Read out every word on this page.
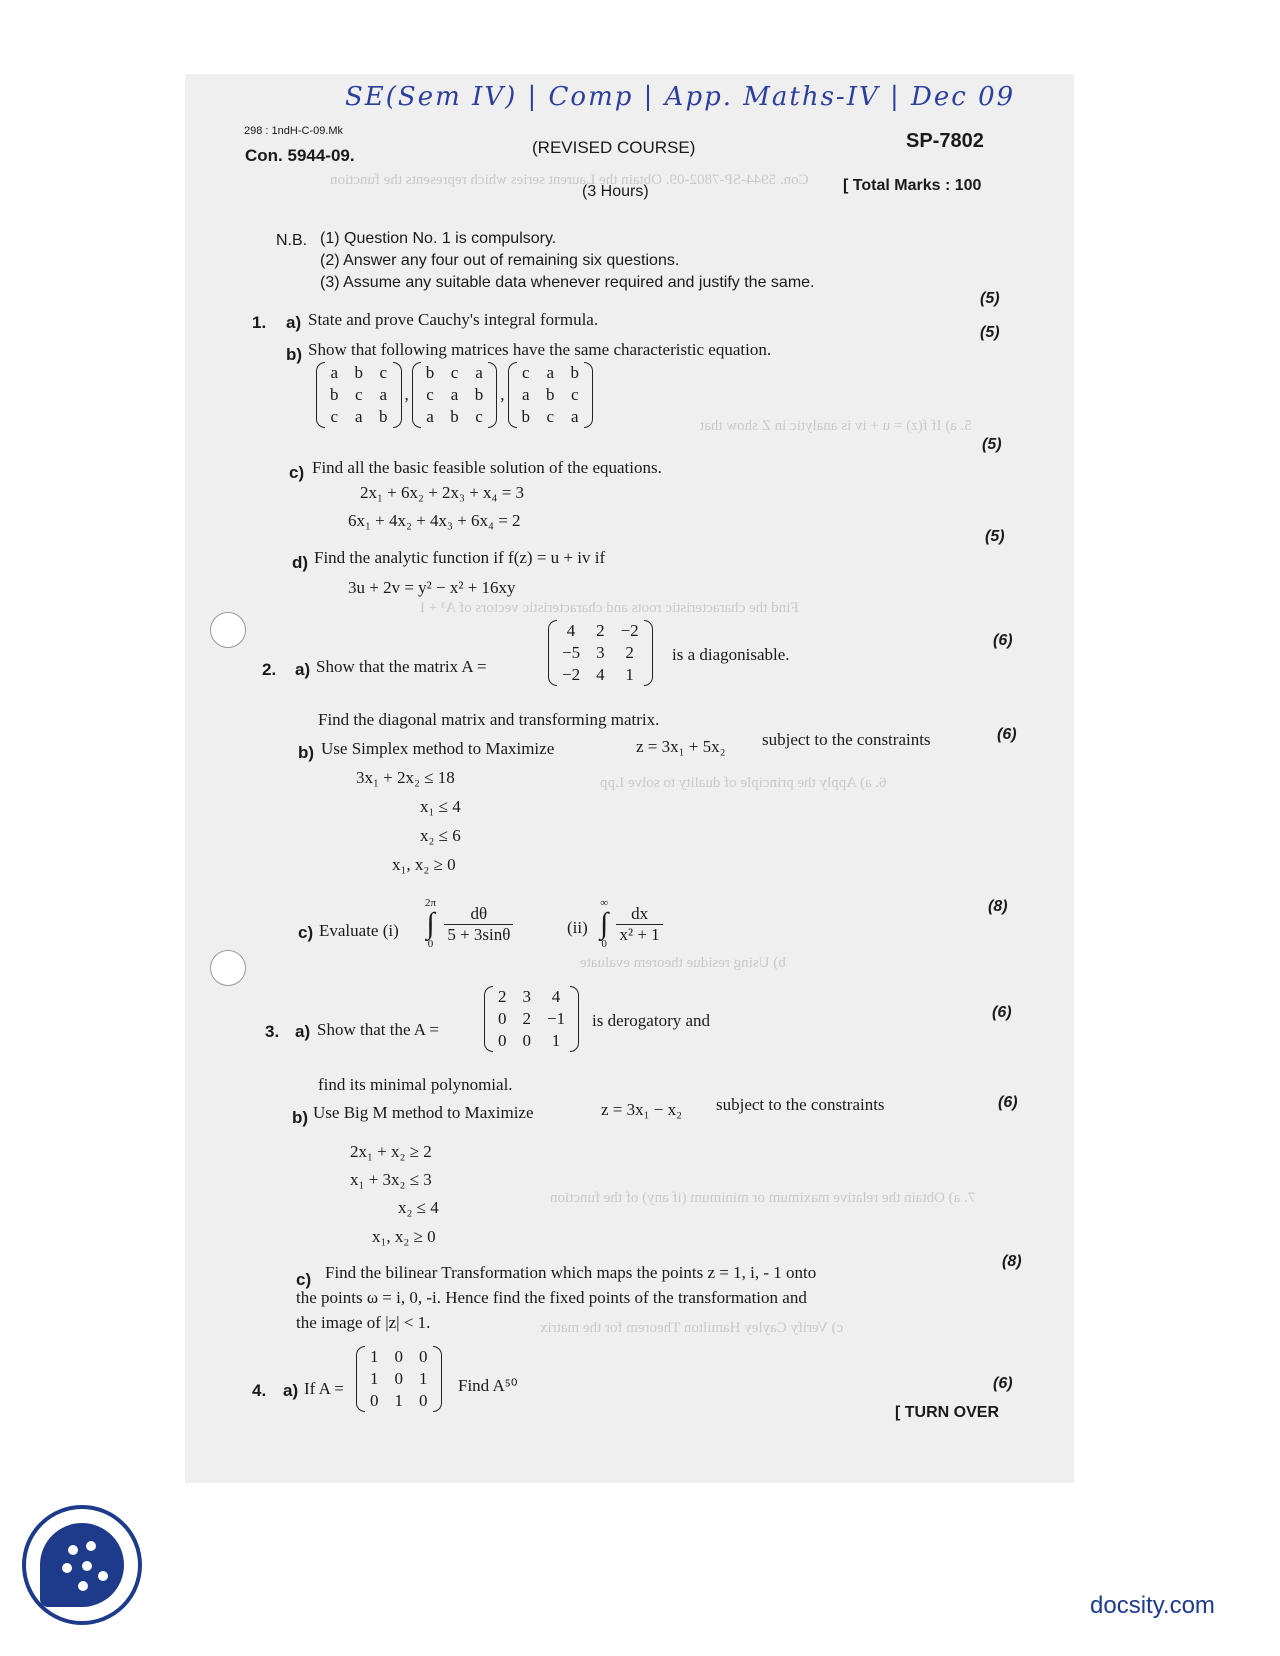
Con. 5944-SP-7802-09. Obtain the Laurent series which represents the function
5. a) If f(z) = u + iv is analytic in Z show that
Find the characteristic roots and characteristic vectors of A³ + I
6. a) Apply the principle of duality to solve Lpp
b) Using residue theorem evaluate
7. a) Obtain the relative maximum or minimum (if any) of the function
c) Verify Cayley Hamilton Theorem for the matrix
SE(Sem IV) | Comp | App. Maths-IV | Dec 09
298 : 1ndH-C-09.Mk	SP-7802
Con. 5944-09.	(REVISED COURSE)
(3 Hours)	[ Total Marks : 100
N.B. (1) Question No. 1 is compulsory.
(2) Answer any four out of remaining six questions.
(3) Assume any suitable data whenever required and justify the same.
1. a) State and prove Cauchy's integral formula.
(5)
b) Show that following matrices have the same characteristic equation.
(5)
a	b	c
b	c	a
c	a	b
,
b	c	a
c	a	b
a	b	c
,
c	a	b
a	b	c
b	c	a
c) Find all the basic feasible solution of the equations.
(5)
2x₁ + 6x₂ + 2x₃ + x₄ = 3
6x₁ + 4x₂ + 4x₃ + 6x₄ = 2
d) Find the analytic function if f(z) = u + iv if
(5)
3u + 2v = y² − x² + 16xy
2. a) Show that the matrix A =
4	2	−2
−5	3	2
−2	4	1
is a diagonisable.
(6)
Find the diagonal matrix and transforming matrix.
b) Use Simplex method to Maximize	z = 3x₁ + 5x₂ subject to the constraints	(6)
3x₁ + 2x₂ ≤ 18
x₁ ≤ 4
x₂ ≤ 6
x₁, x₂ ≥ 0
c) Evaluate (i)
2π
∫
$0 \frac{d\theta}{5 + 3\sin\theta}$	(ii)
∞
∫
$0 \frac{dx}{\text{x² + 1}}$	(8)
3. a) Show that the A =
2	3	4
0	2	−1
0	0	1
is derogatory and	(6)
find its minimal polynomial.
b) Use Big M method to Maximize	z = 3x₁ − x₂ subject to the constraints	(6)
2x₁ + x₂ ≥ 2
x₁ + 3x₂ ≤ 3
x₂ ≤ 4
x₁, x₂ ≥ 0
c) Find the bilinear Transformation which maps the points z = 1, i, - 1 onto
the points ω = i, 0, -i. Hence find the fixed points of the transformation and
the image of |z| < 1.
(8)
4. a) If A =
1	0	0
1	0	1
0	1	0
Find A⁵⁰	(6)
[ TURN OVER
docsity.com
